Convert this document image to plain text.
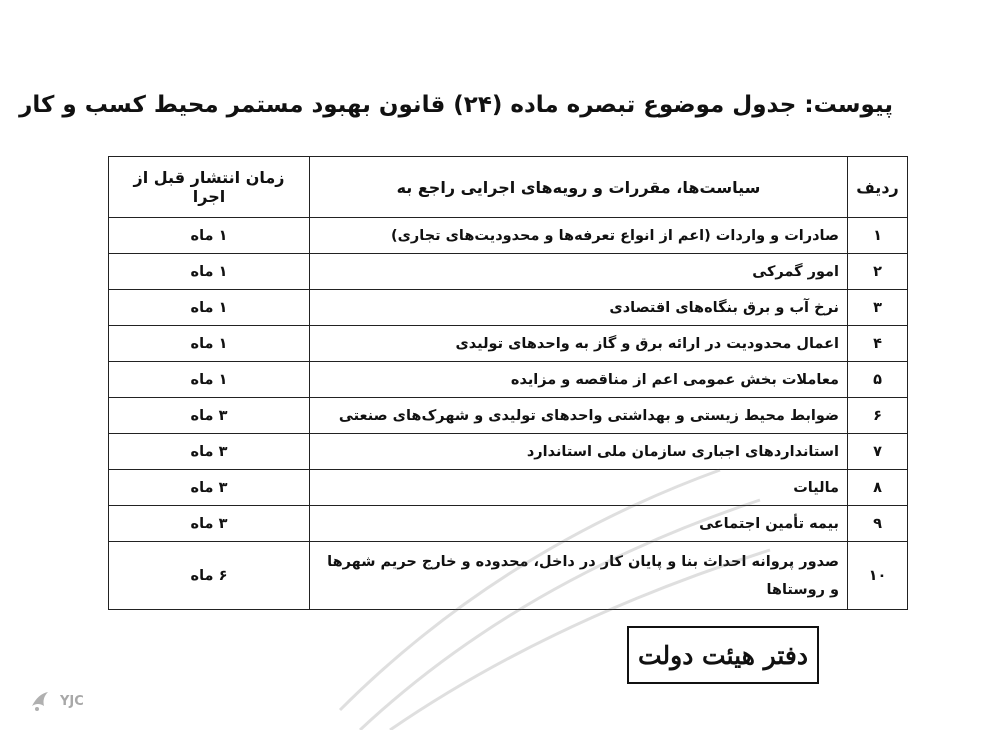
پیوست: جدول موضوع تبصره ماده (۲۴) قانون بهبود مستمر محیط کسب و کار
ردیف	سیاست‌ها، مقررات و رویه‌های اجرایی راجع به	زمان انتشار قبل از اجرا
۱	صادرات و واردات (اعم از انواع تعرفه‌ها و محدودیت‌های تجاری)	۱ ماه
۲	امور گمرکی	۱ ماه
۳	نرخ آب و برق بنگاه‌های اقتصادی	۱ ماه
۴	اعمال محدودیت در ارائه برق و گاز به واحدهای تولیدی	۱ ماه
۵	معاملات بخش عمومی اعم از مناقصه و مزایده	۱ ماه
۶	ضوابط محیط زیستی و بهداشتی واحدهای تولیدی و شهرک‌های صنعتی	۳ ماه
۷	استانداردهای اجباری سازمان ملی استاندارد	۳ ماه
۸	مالیات	۳ ماه
۹	بیمه تأمین اجتماعی	۳ ماه
۱۰	صدور پروانه احداث بنا و پایان کار در داخل، محدوده و خارج حریم شهرها و روستاها	۶ ماه
دفتر هیئت دولت
YJC
